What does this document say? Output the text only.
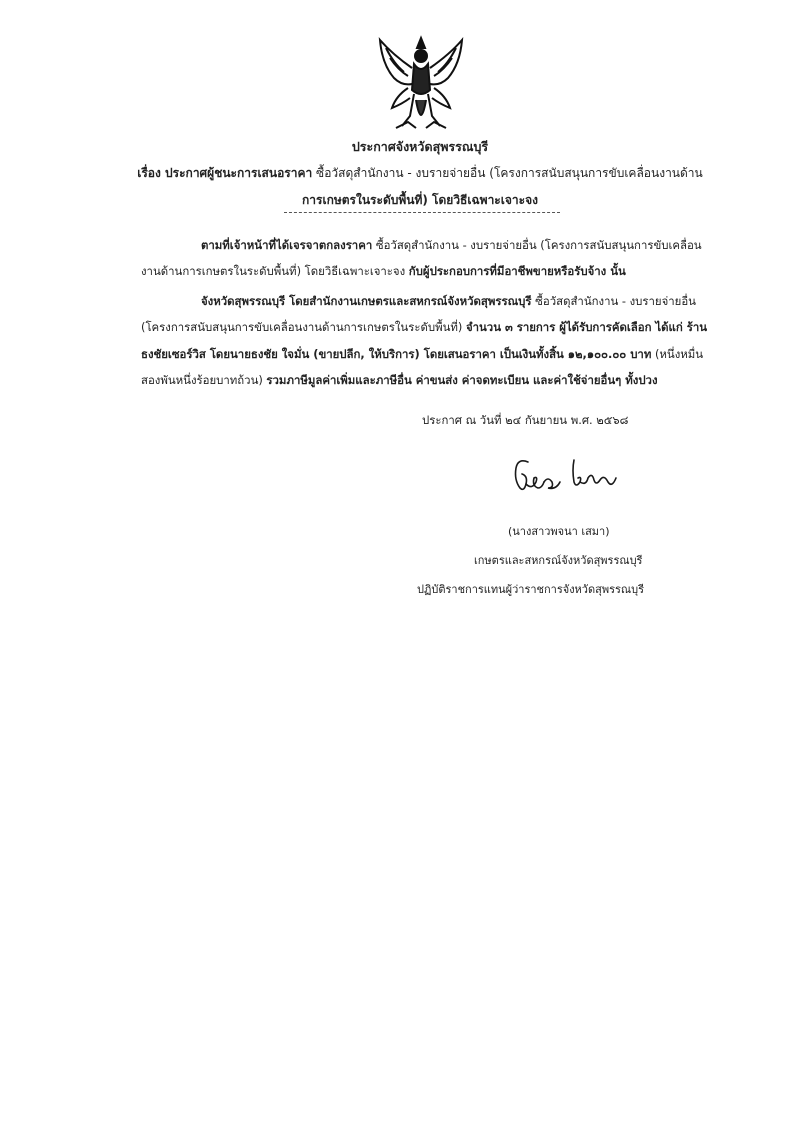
ประกาศจังหวัดสุพรรณบุรี
เรื่อง ประกาศผู้ชนะการเสนอราคา ซื้อวัสดุสำนักงาน - งบรายจ่ายอื่น (โครงการสนับสนุนการขับเคลื่อนงานด้าน
การเกษตรในระดับพื้นที่) โดยวิธีเฉพาะเจาะจง
ตามที่เจ้าหน้าที่ได้เจรจาตกลงราคา ซื้อวัสดุสำนักงาน - งบรายจ่ายอื่น (โครงการสนับสนุนการขับเคลื่อน
งานด้านการเกษตรในระดับพื้นที่) โดยวิธีเฉพาะเจาะจง กับผู้ประกอบการที่มีอาชีพขายหรือรับจ้าง นั้น
จังหวัดสุพรรณบุรี โดยสำนักงานเกษตรและสหกรณ์จังหวัดสุพรรณบุรี ซื้อวัสดุสำนักงาน - งบรายจ่ายอื่น
(โครงการสนับสนุนการขับเคลื่อนงานด้านการเกษตรในระดับพื้นที่) จำนวน ๓ รายการ ผู้ได้รับการคัดเลือก ได้แก่ ร้าน
ธงชัยเซอร์วิส โดยนายธงชัย ใจมั่น (ขายปลีก, ให้บริการ) โดยเสนอราคา เป็นเงินทั้งสิ้น ๑๒,๑๐๐.๐๐ บาท (หนึ่งหมื่น
สองพันหนึ่งร้อยบาทถ้วน) รวมภาษีมูลค่าเพิ่มและภาษีอื่น ค่าขนส่ง ค่าจดทะเบียน และค่าใช้จ่ายอื่นๆ ทั้งปวง
ประกาศ ณ วันที่ ๒๔ กันยายน พ.ศ. ๒๕๖๘
(นางสาวพจนา เสมา)
เกษตรและสหกรณ์จังหวัดสุพรรณบุรี
ปฏิบัติราชการแทนผู้ว่าราชการจังหวัดสุพรรณบุรี
